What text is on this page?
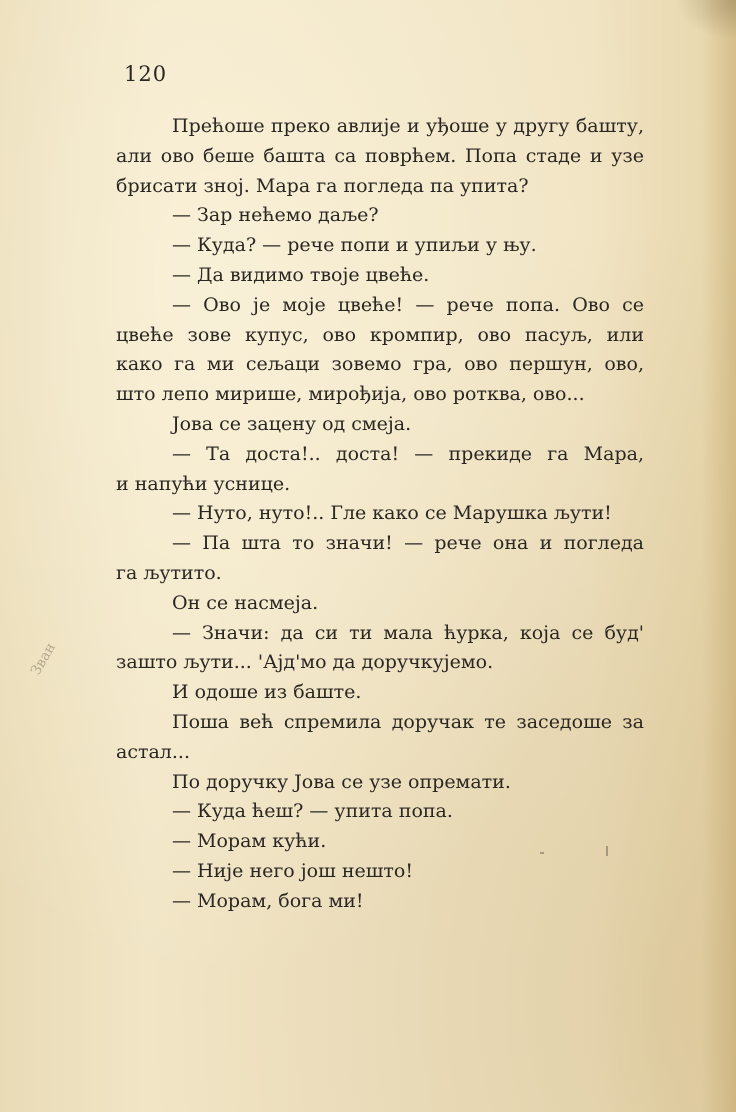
120
Зван

Прећоше преко авлије и уђоше у другу башту,
али ово беше башта са поврћем. Попа стаде и узе
брисати зној. Мара га погледа па упита?

— Зар нећемо даље?

— Куда? — рече попи и упиљи у њу.

— Да видимо твоје цвеће.

— Ово је моје цвеће! — рече попа. Ово се
цвеће зове купус, ово кромпир, ово пасуљ, или
како га ми сељаци зовемо гра, ово першун, ово,
што лепо мирише, мирођија, ово ротква, ово...

Јова се зацену од смеја.

— Та доста!.. доста! — прекиде га Мара,
и напући усницe.

— Нуто, нуто!.. Гле како се Марушка љути!

— Па шта то значи! — рече она и погледа
га љутито.

Он се насмеја.

— Значи: да си ти мала ћурка, која се буд'
зашто љути... 'Ајд'мо да доручкујемо.

И одоше из баште.

Поша већ спремила доручак те заседоше за
астал...

По доручку Јова се узе опремати.

— Куда ћеш? — упита попа.

— Морам кући.

— Није него још нешто!

— Морам, бога ми!
